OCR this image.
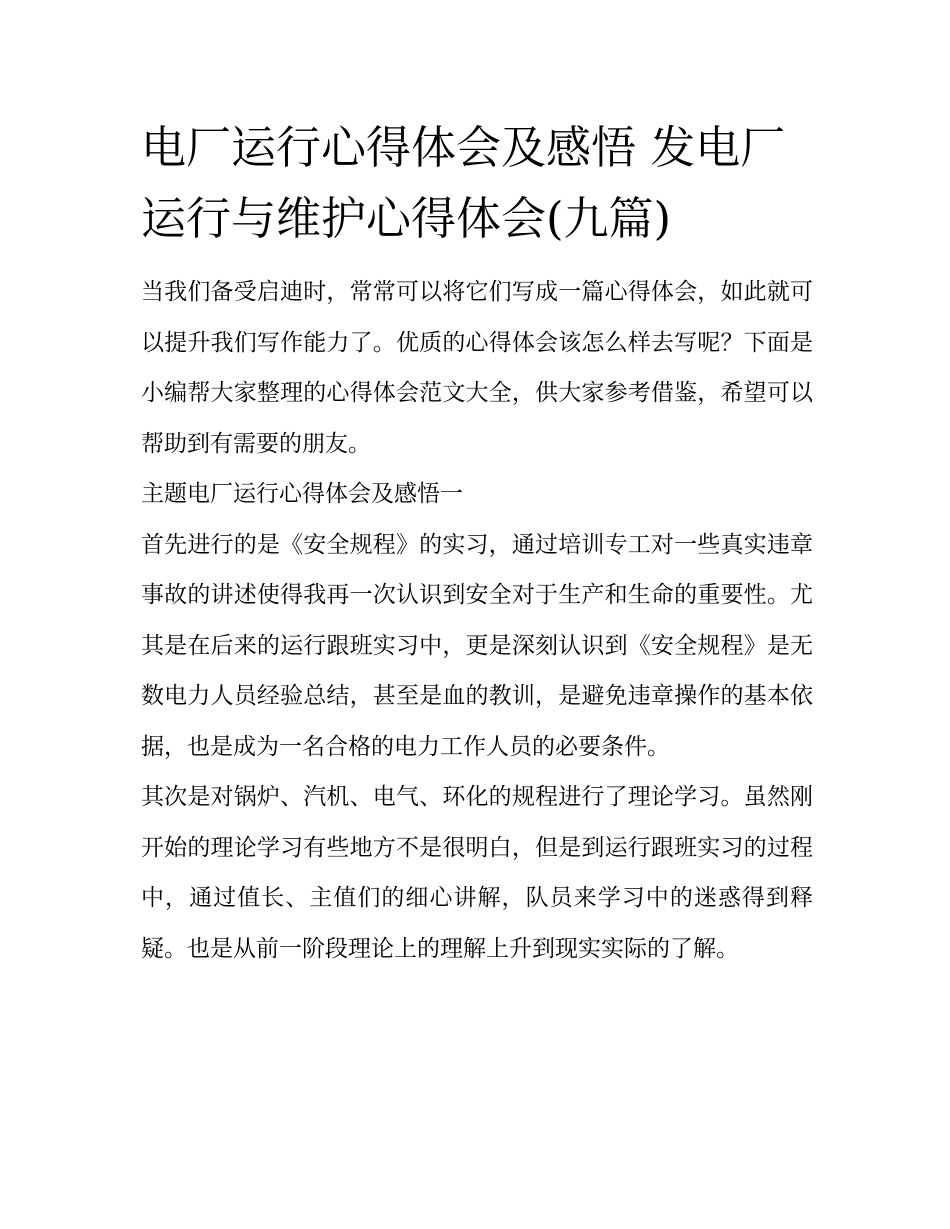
电厂运行心得体会及感悟 发电厂运行与维护心得体会(九篇)

当我们备受启迪时，常常可以将它们写成一篇心得体会，如此就可以提升我们写作能力了。优质的心得体会该怎么样去写呢？下面是小编帮大家整理的心得体会范文大全，供大家参考借鉴，希望可以帮助到有需要的朋友。

主题电厂运行心得体会及感悟一

首先进行的是《安全规程》的实习，通过培训专工对一些真实违章事故的讲述使得我再一次认识到安全对于生产和生命的重要性。尤其是在后来的运行跟班实习中，更是深刻认识到《安全规程》是无数电力人员经验总结，甚至是血的教训，是避免违章操作的基本依据，也是成为一名合格的电力工作人员的必要条件。

其次是对锅炉、汽机、电气、环化的规程进行了理论学习。虽然刚开始的理论学习有些地方不是很明白，但是到运行跟班实习的过程中，通过值长、主值们的细心讲解，队员来学习中的迷惑得到释疑。也是从前一阶段理论上的理解上升到现实实际的了解。
